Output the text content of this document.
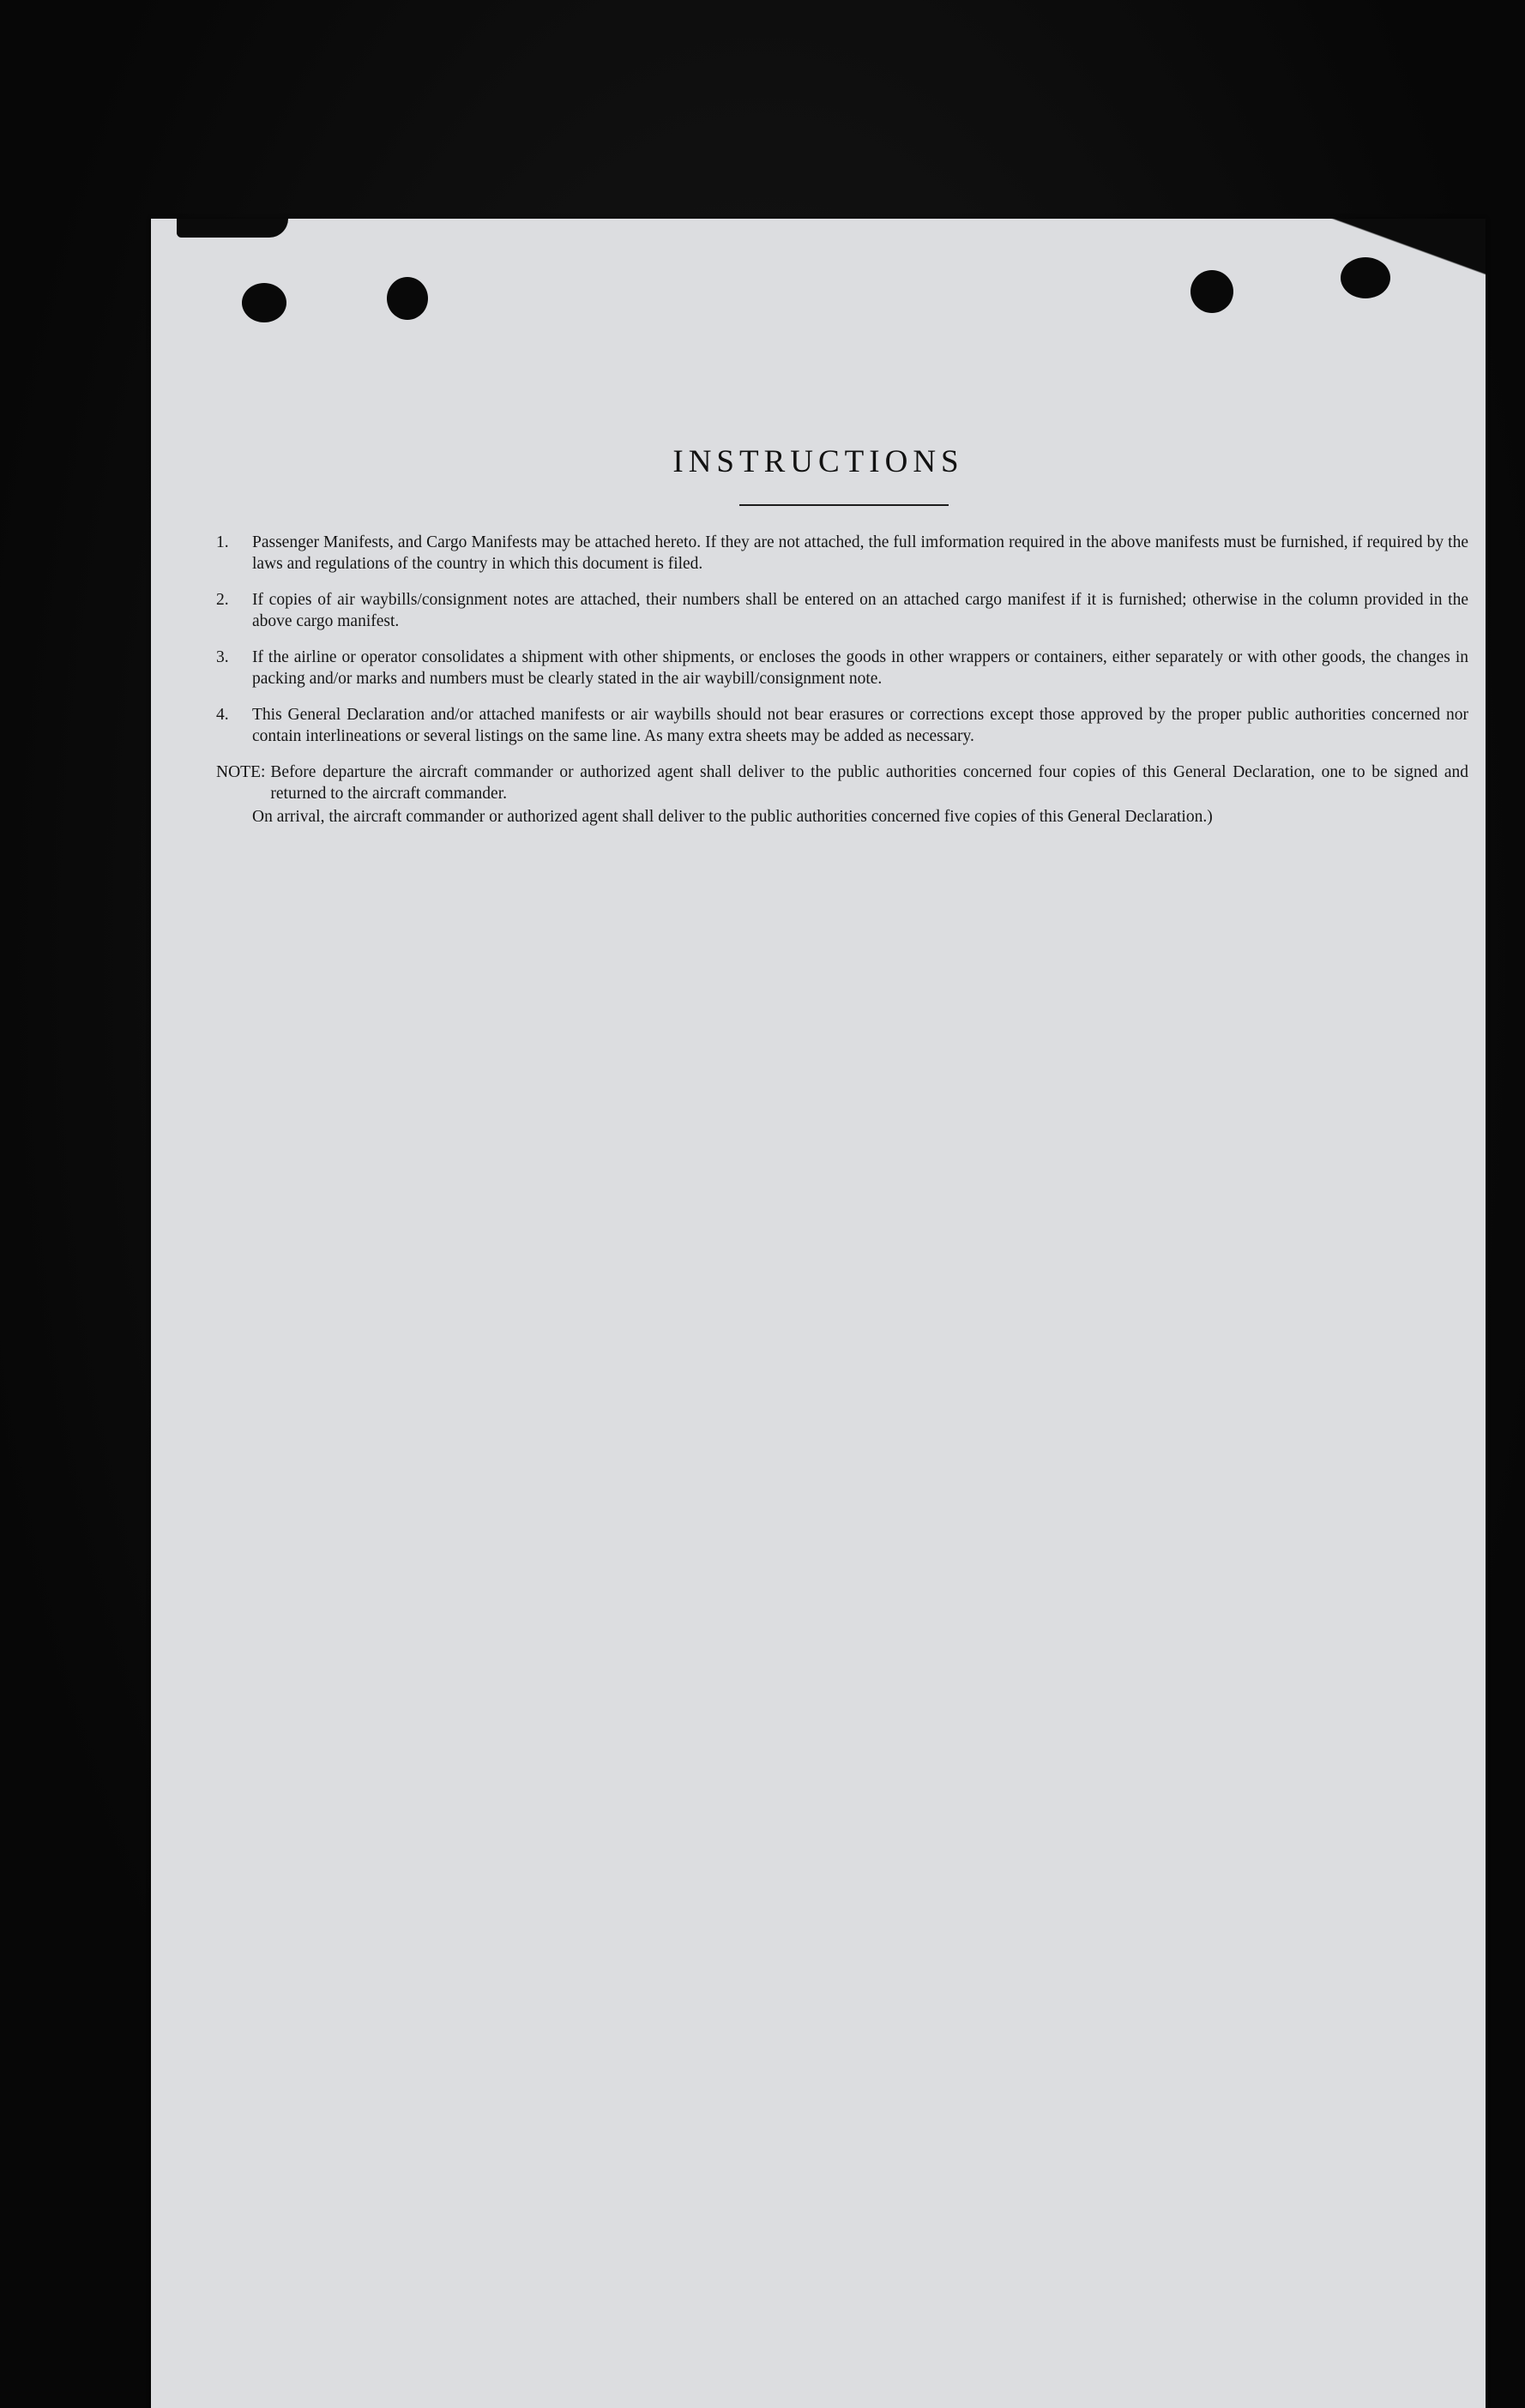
INSTRUCTIONS
1.	Passenger Manifests, and Cargo Manifests may be attached hereto. If they are not attached, the full imformation required in the above manifests must be furnished, if required by the laws and regulations of the country in which this document is filed.
2.	If copies of air waybills/consignment notes are attached, their numbers shall be entered on an attached cargo manifest if it is furnished; otherwise in the column provided in the above cargo manifest.
3.	If the airline or operator consolidates a shipment with other shipments, or encloses the goods in other wrappers or containers, either separately or with other goods, the changes in packing and/or marks and numbers must be clearly stated in the air waybill/consignment note.
4.	This General Declaration and/or attached manifests or air waybills should not bear erasures or corrections except those approved by the proper public authorities concerned nor contain interlineations or several listings on the same line. As many extra sheets may be added as necessary.
NOTE: Before departure the aircraft commander or authorized agent shall deliver to the public authorities concerned four copies of this General Declaration, one to be signed and returned to the aircraft commander.
On arrival, the aircraft commander or authorized agent shall deliver to the public authorities concerned five copies of this General Declaration.)
